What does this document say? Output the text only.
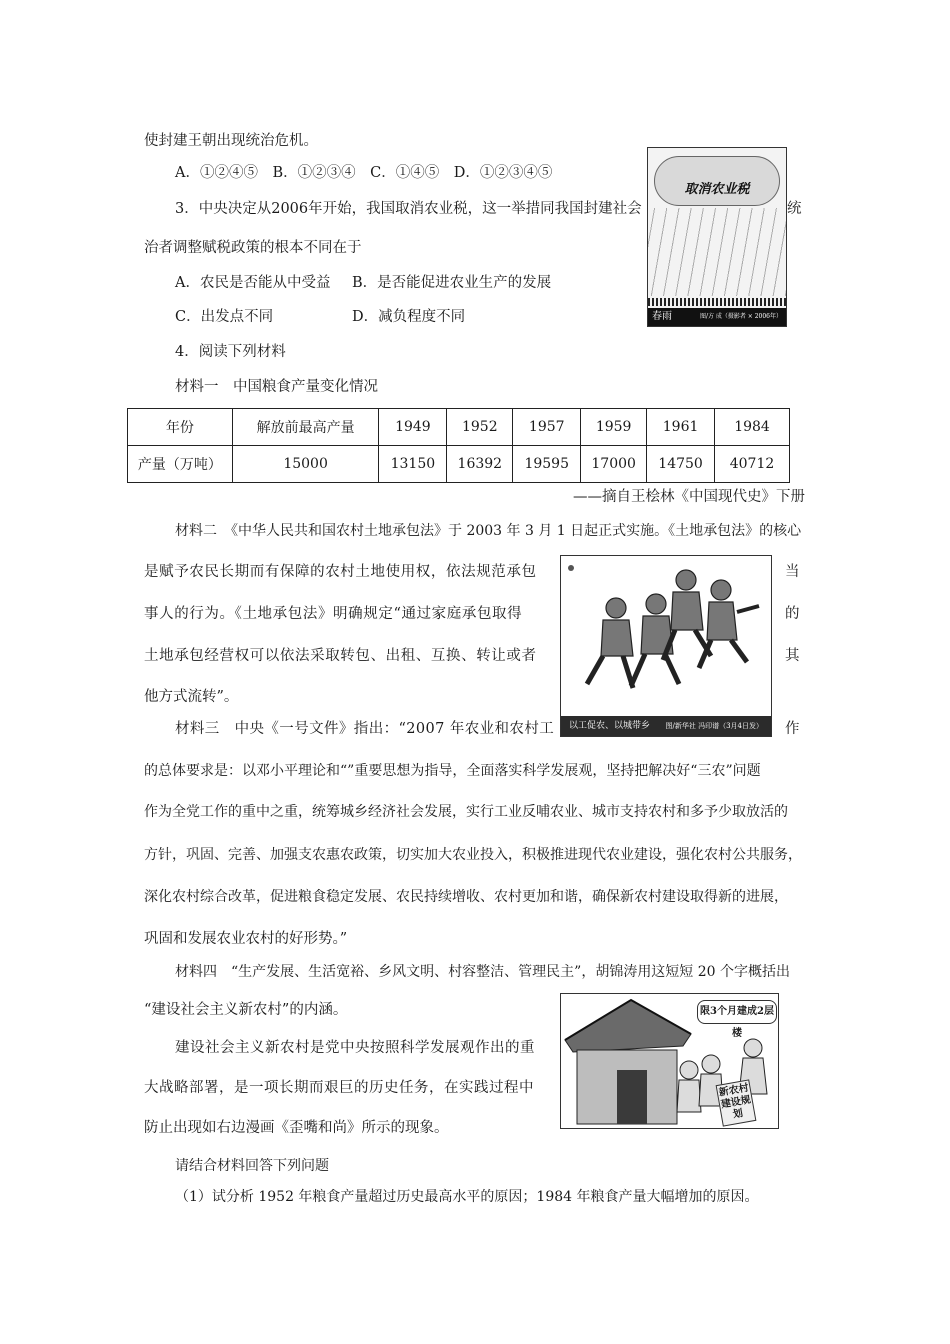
使封建王朝出现统治危机。
A．①②④⑤　B．①②③④　C．①④⑤　D．①②③④⑤
3．中央决定从2006年开始，我国取消农业税，这一举措同我国封建社会	统
治者调整赋税政策的根本不同在于
A．农民是否能从中受益 B．是否能促进农业生产的发展
C．出发点不同	D．减负程度不同
4．阅读下列材料
材料一　中国粮食产量变化情况
取消农业税
春雨	图/方 成（摄影者 × 2006年）
年份	解放前最高产量	1949	1952	1957	1959	1961	1984
产量（万吨）	15000	13150	16392	19595	17000	14750	40712
——摘自王桧林《中国现代史》下册
材料二　《中华人民共和国农村土地承包法》于 2003 年 3 月 1 日起正式实施。《土地承包法》的核心
是赋予农民长期而有保障的农村土地使用权，依法规范承包	当
事人的行为。《土地承包法》明确规定“通过家庭承包取得	的
土地承包经营权可以依法采取转包、出租、互换、转让或者	其
他方式流转”。
以工促农、以城带乡 图/新华社 冯印谱（3月4日发）
材料三　中央《一号文件》指出：“2007 年农业和农村工	作
的总体要求是：以邓小平理论和“”重要思想为指导，全面落实科学发展观，坚持把解决好“三农”问题
作为全党工作的重中之重，统筹城乡经济社会发展，实行工业反哺农业、城市支持农村和多予少取放活的
方针，巩固、完善、加强支农惠农政策，切实加大农业投入，积极推进现代农业建设，强化农村公共服务，
深化农村综合改革，促进粮食稳定发展、农民持续增收、农村更加和谐，确保新农村建设取得新的进展，
巩固和发展农业农村的好形势。”
材料四　“生产发展、生活宽裕、乡风文明、村容整洁、管理民主”，胡锦涛用这短短 20 个字概括出
“建设社会主义新农村”的内涵。
建设社会主义新农村是党中央按照科学发展观作出的重
大战略部署，是一项长期而艰巨的历史任务，在实践过程中
防止出现如右边漫画《歪嘴和尚》所示的现象。
限3个月建成2层楼
新农村建设规划
请结合材料回答下列问题
（1）试分析 1952 年粮食产量超过历史最高水平的原因；1984 年粮食产量大幅增加的原因。
